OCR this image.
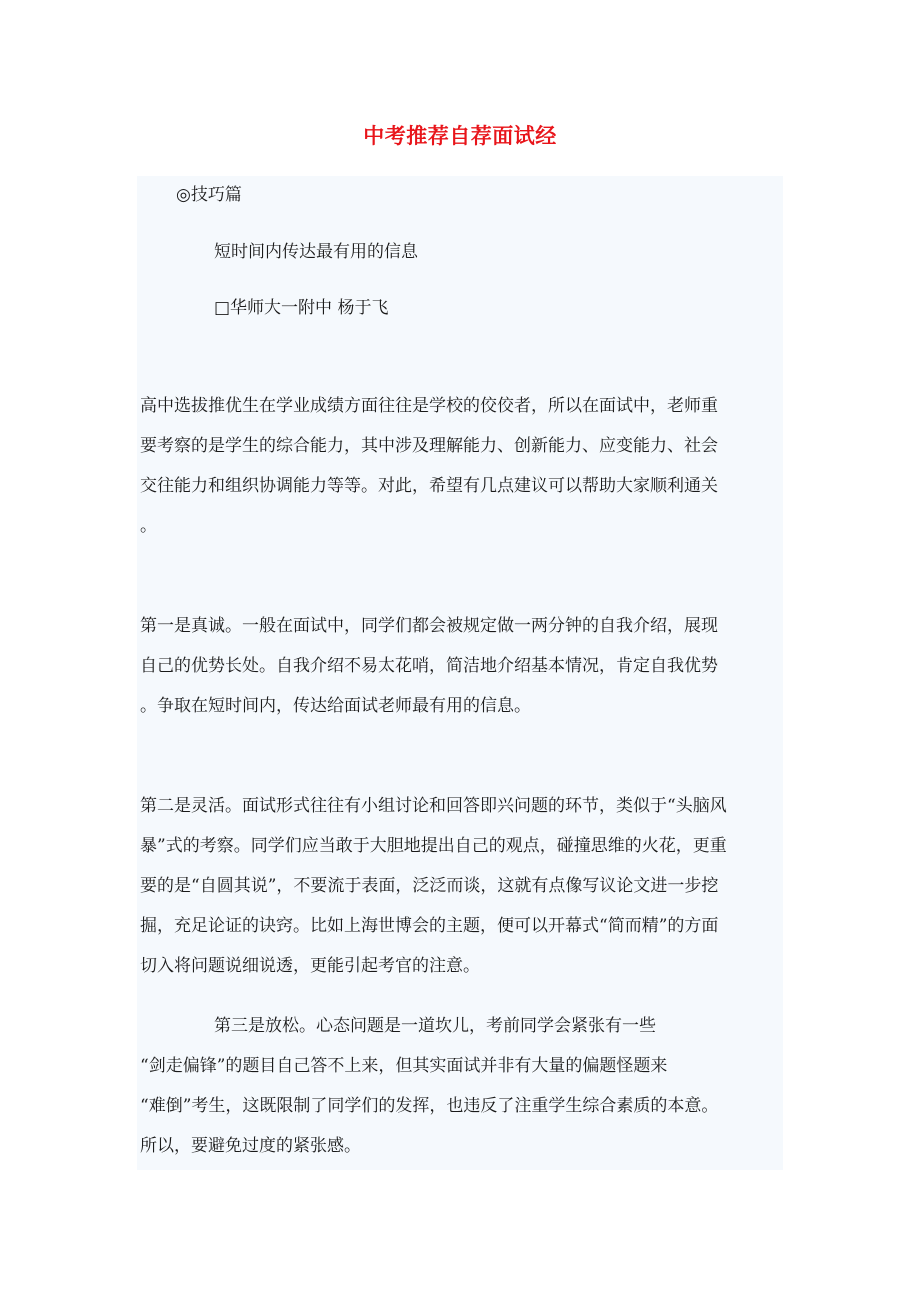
中考推荐自荐面试经
◎技巧篇
短时间内传达最有用的信息
□华师大一附中 杨于飞
高中选拔推优生在学业成绩方面往往是学校的佼佼者，所以在面试中，老师重
要考察的是学生的综合能力，其中涉及理解能力、创新能力、应变能力、社会
交往能力和组织协调能力等等。对此，希望有几点建议可以帮助大家顺利通关
。
第一是真诚。一般在面试中，同学们都会被规定做一两分钟的自我介绍，展现
自己的优势长处。自我介绍不易太花哨，简洁地介绍基本情况，肯定自我优势
。争取在短时间内，传达给面试老师最有用的信息。
第二是灵活。面试形式往往有小组讨论和回答即兴问题的环节，类似于“头脑风
暴”式的考察。同学们应当敢于大胆地提出自己的观点，碰撞思维的火花，更重
要的是“自圆其说”，不要流于表面，泛泛而谈，这就有点像写议论文进一步挖
掘，充足论证的诀窍。比如上海世博会的主题，便可以开幕式“简而精”的方面
切入将问题说细说透，更能引起考官的注意。
第三是放松。心态问题是一道坎儿，考前同学会紧张有一些
“剑走偏锋”的题目自己答不上来，但其实面试并非有大量的偏题怪题来
“难倒”考生，这既限制了同学们的发挥，也违反了注重学生综合素质的本意。
所以，要避免过度的紧张感。
